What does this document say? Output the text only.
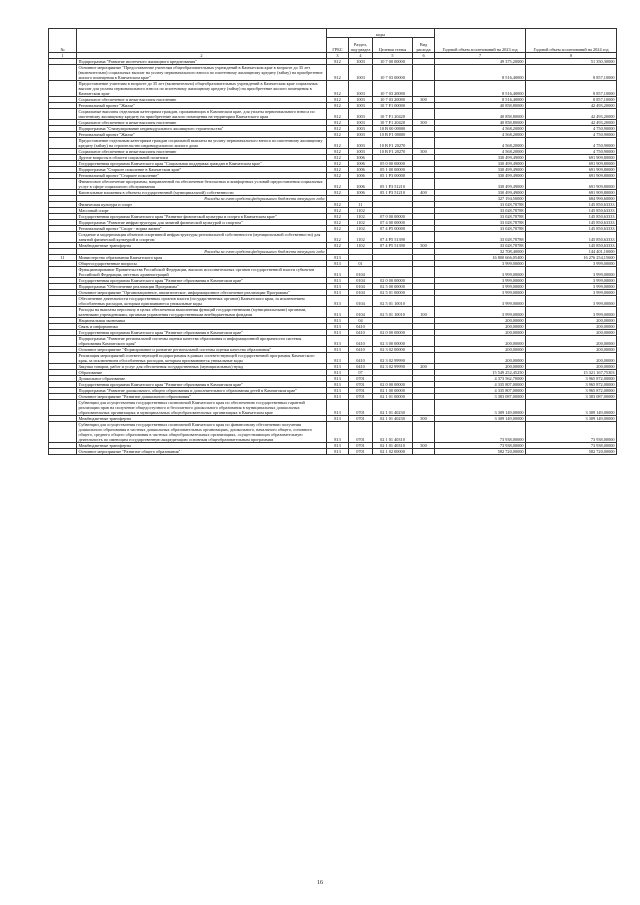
№		коды				Годовой объем ассигнований на 2023 год	Годовой объем ассигнований на 2024 год
		ГРБС	Раздел, под-раздел	Целевая статья	Вид расхода		
1	2	3	4	5	6	7	8
	Подпрограмма "Развитие ипотечного жилищного кредитования"	812	1003	10 7 00 00000		49 375,20000	51 350,30000
	Основное мероприятие "Предоставление учителям общеобразовательных учреждений в Камчатском крае в возрасте до 35 лет (включительно) социальных выплат на уплату первоначального взноса по ипотечному жилищному кредиту (займу) на приобретение жилого помещения в Камчатском крае"	812	1003	10 7 03 00000		8 516,40000	8 857,10000
	Предоставление учителям в возрасте до 35 лет (включительно) общеобразовательных учреждений в Камчатском крае социальных выплат для уплаты первоначального взноса по ипотечному жилищному кредиту (займу) на приобретение жилого помещения в Камчатском крае	812	1003	10 7 03 20080		8 516,40000	8 857,10000
	Социальное обеспечение и иные выплаты населению	812	1003	10 7 03 20080	300	8 516,40000	8 857,10000
	Региональный проект "Жилье"	812	1003	10 7 F1 00000		40 858,80000	42 493,20000
	Социальные выплаты отдельным категориям граждан, проживающих в Камчатском крае, для уплаты первоначального взноса по ипотечному жилищному кредиту на приобретение жилого помещения на территории Камчатского края	812	1003	10 7 F1 20420		40 858,80000	42 493,20000
	Социальное обеспечение и иные выплаты населению	812	1003	10 7 F1 20420	300	40 858,80000	42 493,20000
	Подпрограмма "Стимулирование индивидуального жилищного строительства"	812	1003	10 В 00 00000		4 568,20000	4 750,90000
	Региональный проект "Жилье"	812	1003	10 В F1 00000		4 568,20000	4 750,90000
	Предоставление отдельным категориям граждан социальной выплаты на уплату первоначального взноса по ипотечному жилищному кредиту (займу) на строительство индивидуального жилого дома	812	1003	10 В F1 20270		4 568,20000	4 750,90000
	Социальное обеспечение и иные выплаты населению	812	1003	10 В F1 20270	300	4 568,20000	4 750,90000
	Другие вопросы в области социальной политики	812	1006			330 499,49000	691 909,80000
	Государственная программа Камчатского края "Социальная поддержка граждан в Камчатском крае"	812	1006	05 0 00 00000		330 499,49000	691 909,80000
	Подпрограмма "Старшее поколение в Камчатском крае"	812	1006	05 1 00 00000		330 499,49000	691 909,80000
	Региональный проект "Старшее поколение"	812	1006	05 1 P3 00000		330 499,49000	691 909,80000
	Финансовое обеспечение программы, направленной на обеспечение безопасных и комфортных условий предоставления социальных услуг в сфере социального обслуживания	812	1006	05 1 P3 51210		330 499,49000	691 909,80000
	Капитальные вложения в объекты государственной (муниципальной) собственности	812	1006	05 1 P3 51210	400	330 499,49000	691 909,80000
	Расходы за счет средств федерального бюджета текущего года					327 194,50000	684 990,60000
	Физическая культура и спорт	812	11			33 028,78788	145 850,63333
	Массовый спорт	812	1102			33 028,78788	145 850,63333
	Государственная программа Камчатского края "Развитие физической культуры и спорта в Камчатском крае"	812	1102	07 0 00 00000		33 028,78788	145 850,63333
	Подпрограмма "Развитие инфраструктуры для занятий физической культурой и спортом"	812	1102	07 4 00 00000		33 028,78788	145 850,63333
	Региональный проект "Спорт - норма жизни"	812	1102	07 4 P5 00000		33 028,78788	145 850,63333
	Создание и модернизация объектов спортивной инфраструктуры региональной собственности (муниципальной собственности) для занятий физической культурой и спортом	812	1102	07 4 P5 51390		33 028,78788	145 850,63333
	Межбюджетные трансферты	812	1102	07 4 P5 51390	500	33 028,78788	145 850,63333
	Расходы за счет средств федерального бюджета текущего года					32 708,40000	144 401,10000
11	Министерство образования Камчатского края	813				16 800 666,05400	16 276 254,15600
	Общегосударственные вопросы	813	01			3 999,00000	3 999,00000
	Функционирование Правительства Российской Федерации, высших исполнительных органов государственной власти субъектов Российской Федерации, местных администраций	813	0104			3 999,00000	3 999,00000
	Государственная программа Камчатского края "Развитие образования в Камчатском крае"	813	0104	02 0 00 00000		3 999,00000	3 999,00000
	Подпрограмма "Обеспечение реализации Программы"	813	0104	02 5 00 00000		3 999,00000	3 999,00000
	Основное мероприятие "Организационное, аналитическое, информационное обеспечение реализации Программы"	813	0104	02 5 01 00000		3 999,00000	3 999,00000
	Обеспечение деятельности государственных органов власти (государственных органов) Камчатского края, за исключением обособленных расходов, которым присваиваются уникальные коды	813	0104	02 5 01 10010		3 999,00000	3 999,00000
	Расходы на выплаты персоналу в целях обеспечения выполнения функций государственными (муниципальными) органами, казенными учреждениями, органами управления государственными внебюджетными фондами	813	0104	02 5 01 10010	100	3 999,00000	3 999,00000
	Национальная экономика	813	04			200,00000	200,00000
	Связь и информатика	813	0410			200,00000	200,00000
	Государственная программа Камчатского края "Развитие образования в Камчатском крае"	813	0410	02 0 00 00000		200,00000	200,00000
	Подпрограмма "Развитие региональной системы оценки качества образования и информационной прозрачности системы образования Камчатского края"	813	0410	02 3 00 00000		200,00000	200,00000
	Основное мероприятие "Формирование и развитие региональной системы оценки качества образования"	813	0410	02 3 02 00000		200,00000	200,00000
	Реализация мероприятий соответствующей подпрограммы в рамках соответствующей государственной программы Камчатского края, за исключением обособленных расходов, которым присваиваются уникальные коды	813	0410	02 3 02 99990		200,00000	200,00000
	Закупка товаров, работ и услуг для обеспечения государственных (муниципальных) нужд	813	0410	02 3 02 99990	200	200,00000	200,00000
	Образование	813	07			15 549 252,45250	15 321 167,75303
	Дошкольное образование	813	0701			4 373 562,70000	3 965 872,00000
	Государственная программа Камчатского края "Развитие образования в Камчатском крае"	813	0701	02 0 00 00000		4 335 807,00000	3 965 872,00000
	Подпрограмма "Развитие дошкольного, общего образования и дополнительного образования детей в Камчатском крае"	813	0701	02 1 00 00000		4 335 807,00000	3 965 872,00000
	Основное мероприятие "Развитие дошкольного образования"	813	0701	02 1 01 00000		3 383 087,00000	3 383 087,00000
	Субвенции для осуществления государственных полномочий Камчатского края по обеспечению государственных гарантий реализации прав на получение общедоступного и бесплатного дошкольного образования в муниципальных дошкольных образовательных организациях и муниципальных общеобразовательных организациях в Камчатском крае	813	0701	02 1 01 40230		3 309 149,00000	3 309 149,00000
	Межбюджетные трансферты	813	0701	02 1 01 40230	500	3 309 149,00000	3 309 149,00000
	Субвенции для осуществления государственных полномочий Камчатского края по финансовому обеспечению получения дошкольного образования в частных дошкольных образовательных организациях, дошкольного, начального общего, основного общего, среднего общего образования в частных общеобразовательных организациях, осуществляющих образовательную деятельность по имеющим государственную аккредитацию основным общеобразовательным программам	813	0701	02 1 01 40310		73 938,00000	73 938,00000
	Межбюджетные трансферты	813	0701	02 1 01 40310	500	73 938,00000	73 938,00000
	Основное мероприятие "Развитие общего образования"	813	0701	02 1 02 00000		582 720,00000	582 720,00000
16
